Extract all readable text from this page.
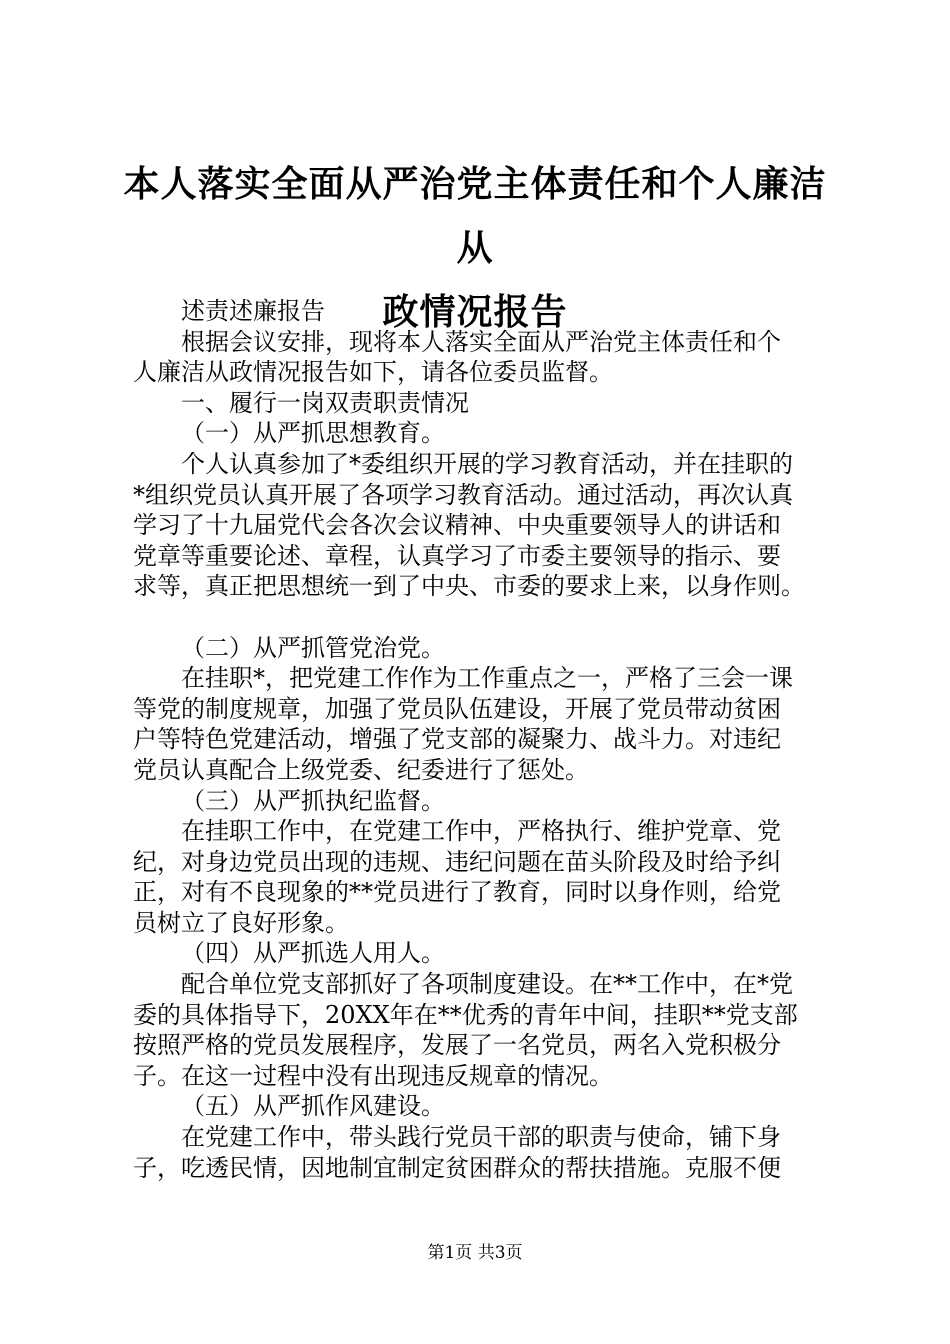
本人落实全面从严治党主体责任和个人廉洁从
政情况报告
述责述廉报告
根据会议安排，现将本人落实全面从严治党主体责任和个
人廉洁从政情况报告如下，请各位委员监督。
一、履行一岗双责职责情况
（一）从严抓思想教育。
个人认真参加了*委组织开展的学习教育活动，并在挂职的
*组织党员认真开展了各项学习教育活动。通过活动，再次认真
学习了十九届党代会各次会议精神、中央重要领导人的讲话和
党章等重要论述、章程，认真学习了市委主要领导的指示、要
求等，真正把思想统一到了中央、市委的要求上来，以身作则。
（二）从严抓管党治党。
在挂职*，把党建工作作为工作重点之一，严格了三会一课
等党的制度规章，加强了党员队伍建设，开展了党员带动贫困
户等特色党建活动，增强了党支部的凝聚力、战斗力。对违纪
党员认真配合上级党委、纪委进行了惩处。
（三）从严抓执纪监督。
在挂职工作中，在党建工作中，严格执行、维护党章、党
纪，对身边党员出现的违规、违纪问题在苗头阶段及时给予纠
正，对有不良现象的**党员进行了教育，同时以身作则，给党
员树立了良好形象。
（四）从严抓选人用人。
配合单位党支部抓好了各项制度建设。在**工作中，在*党
委的具体指导下，20XX年在**优秀的青年中间，挂职**党支部
按照严格的党员发展程序，发展了一名党员，两名入党积极分
子。在这一过程中没有出现违反规章的情况。
（五）从严抓作风建设。
在党建工作中，带头践行党员干部的职责与使命，铺下身
子，吃透民情，因地制宜制定贫困群众的帮扶措施。克服不便
第1页 共3页
